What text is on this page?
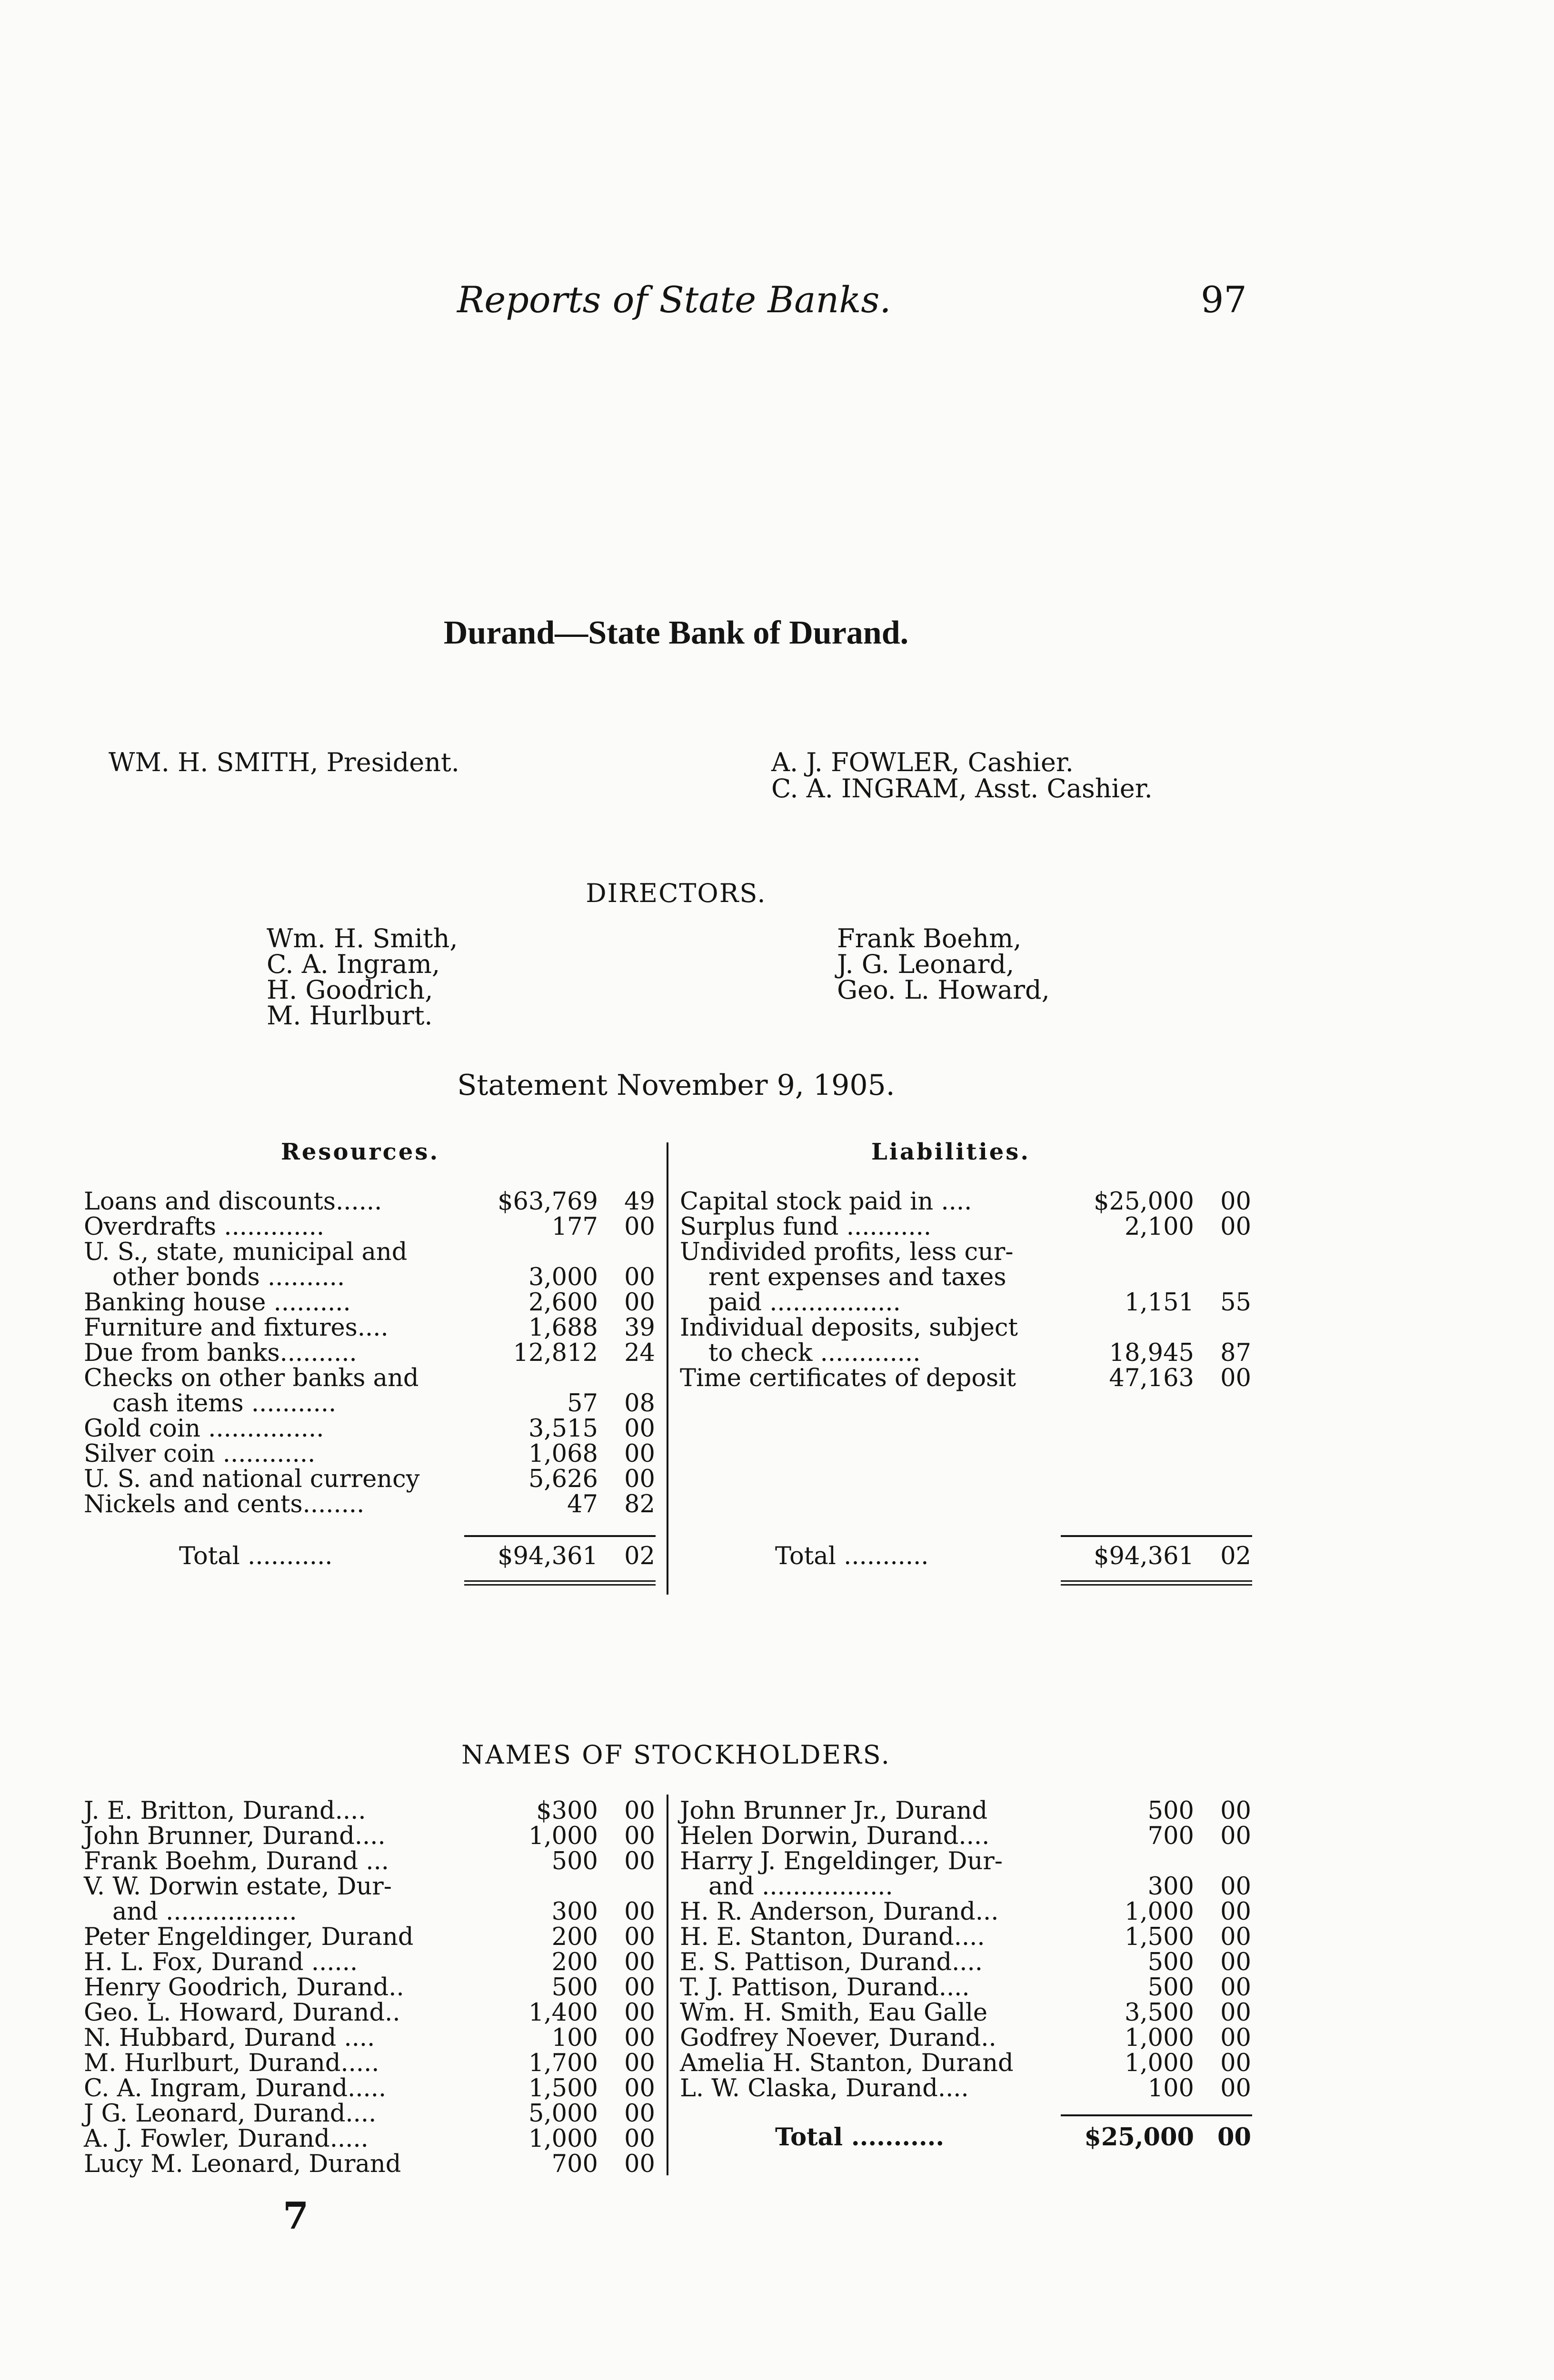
Reports of State Banks.	97
Durand—State Bank of Durand.
WM. H. SMITH, President.	A. J. FOWLER, Cashier.
C. A. INGRAM, Asst. Cashier.
DIRECTORS.
Wm. H. Smith,
C. A. Ingram,
H. Goodrich,
M. Hurlburt.
Frank Boehm,
J. G. Leonard,
Geo. L. Howard,
Statement November 9, 1905.
Resources.	Liabilities.
Loans and discounts......	$63,769	49
Overdrafts .............	177	00
U. S., state, municipal and
other bonds ..........	3,000	00
Banking house ..........	2,600	00
Furniture and fixtures....	1,688	39
Due from banks..........	12,812	24
Checks on other banks and
cash items ...........	57	08
Gold coin ...............	3,515	00
Silver coin ............	1,068	00
U. S. and national currency	5,626	00
Nickels and cents........	47	82
Capital stock paid in ....	$25,000	00
Surplus fund ...........	2,100	00
Undivided profits, less cur-
rent expenses and taxes
paid .................	1,151	55
Individual deposits, subject
to check .............	18,945	87
Time certificates of deposit	47,163	00
Total ...........	$94,361	02	Total ...........	$94,361	02
NAMES OF STOCKHOLDERS.
J. E. Britton, Durand....	$300	00
John Brunner, Durand....	1,000	00
Frank Boehm, Durand ...	500	00
V. W. Dorwin estate, Dur-
and .................	300	00
Peter Engeldinger, Durand	200	00
H. L. Fox, Durand ......	200	00
Henry Goodrich, Durand..	500	00
Geo. L. Howard, Durand..	1,400	00
N. Hubbard, Durand ....	100	00
M. Hurlburt, Durand.....	1,700	00
C. A. Ingram, Durand.....	1,500	00
J G. Leonard, Durand....	5,000	00
A. J. Fowler, Durand.....	1,000	00
Lucy M. Leonard, Durand	700	00
John Brunner Jr., Durand	500	00
Helen Dorwin, Durand....	700	00
Harry J. Engeldinger, Dur-
and .................	300	00
H. R. Anderson, Durand...	1,000	00
H. E. Stanton, Durand....	1,500	00
E. S. Pattison, Durand....	500	00
T. J. Pattison, Durand....	500	00
Wm. H. Smith, Eau Galle	3,500	00
Godfrey Noever, Durand..	1,000	00
Amelia H. Stanton, Durand	1,000	00
L. W. Claska, Durand....	100	00
Total ...........	$25,000 00
7
